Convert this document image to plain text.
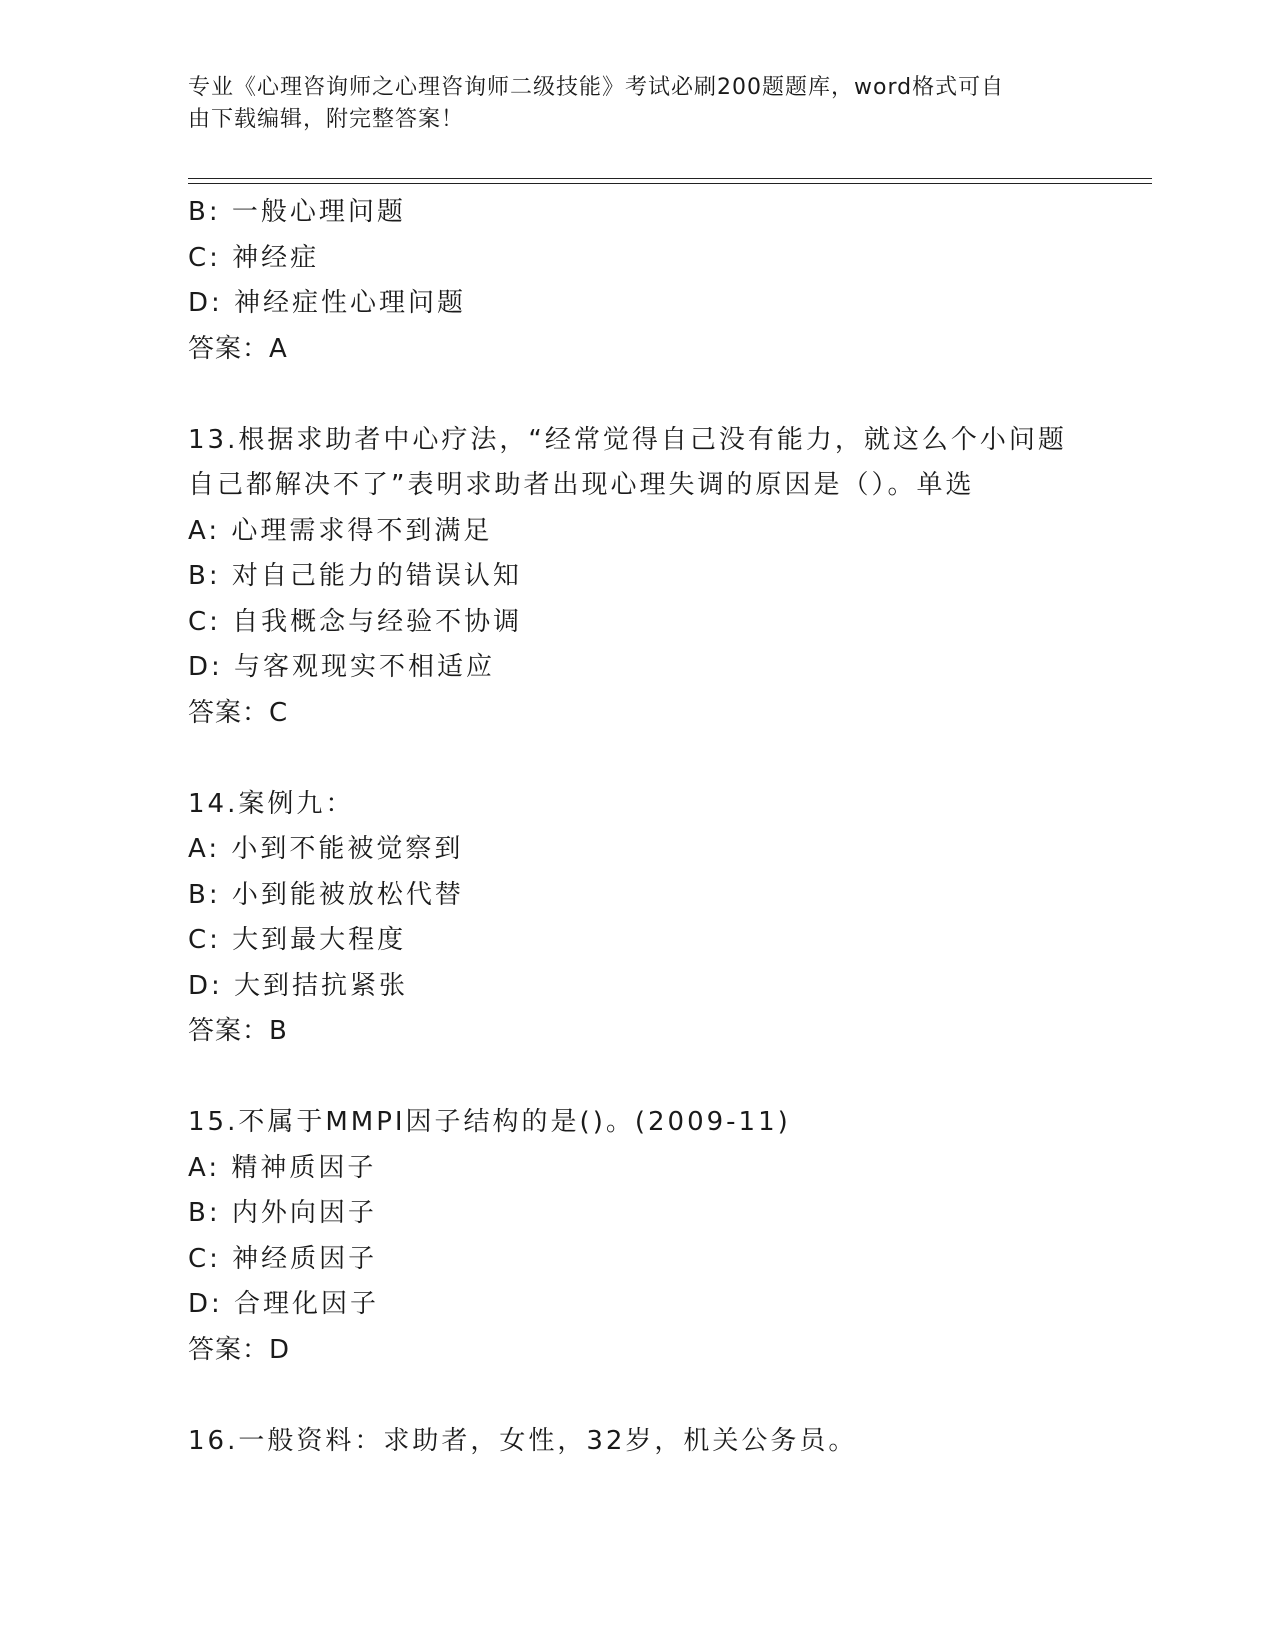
专业《心理咨询师之心理咨询师二级技能》考试必刷200题题库，word格式可自
由下载编辑，附完整答案！
B: 一般心理问题
C: 神经症
D: 神经症性心理问题
答案：A
13.根据求助者中心疗法，“经常觉得自己没有能力，就这么个小问题
自己都解决不了”表明求助者出现心理失调的原因是（）。单选
A: 心理需求得不到满足
B: 对自己能力的错误认知
C: 自我概念与经验不协调
D: 与客观现实不相适应
答案：C
14.案例九：
A: 小到不能被觉察到
B: 小到能被放松代替
C: 大到最大程度
D: 大到拮抗紧张
答案：B
15.不属于MMPI因子结构的是()。(2009-11)
A: 精神质因子
B: 内外向因子
C: 神经质因子
D: 合理化因子
答案：D
16.一般资料：求助者，女性，32岁，机关公务员。
